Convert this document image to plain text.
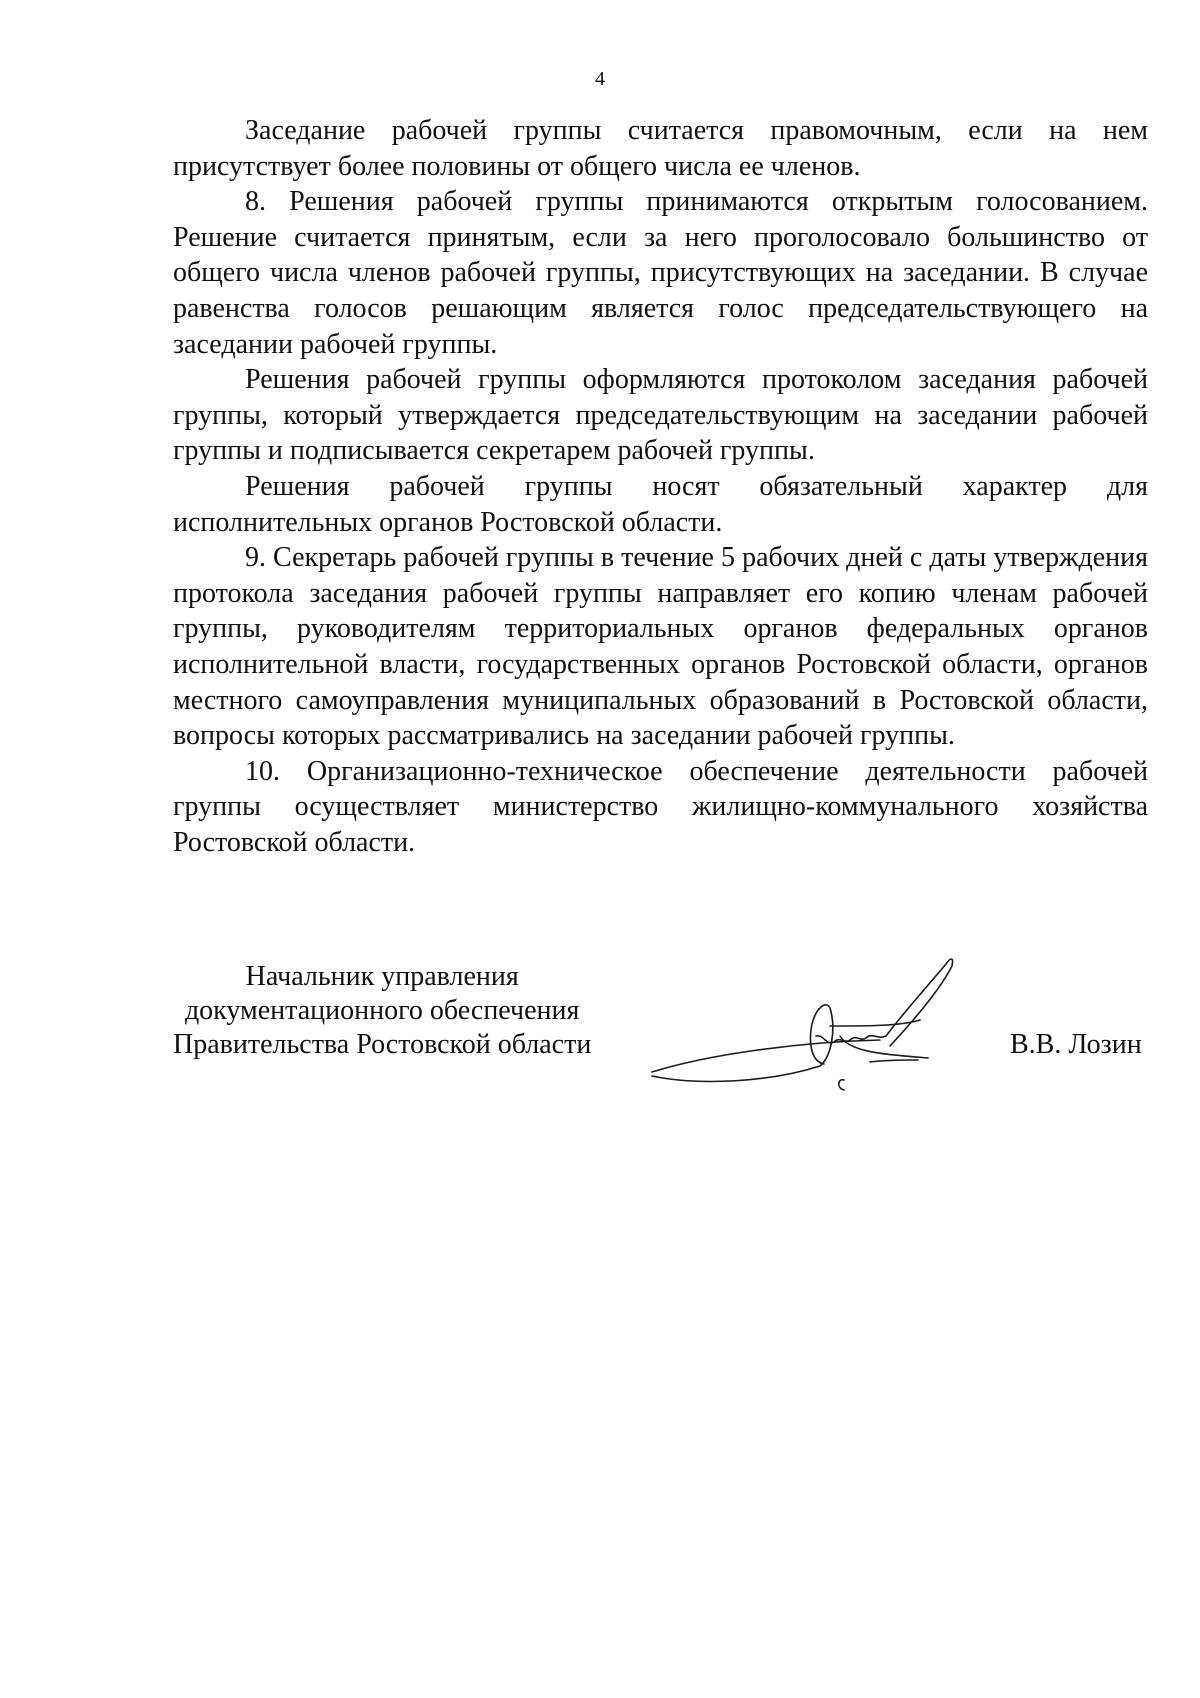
4

Заседание рабочей группы считается правомочным, если на нем присутствует более половины от общего числа ее членов.

8. Решения рабочей группы принимаются открытым голосованием. Решение считается принятым, если за него проголосовало большинство от общего числа членов рабочей группы, присутствующих на заседании. В случае равенства голосов решающим является голос председательствующего на заседании рабочей группы.

Решения рабочей группы оформляются протоколом заседания рабочей группы, который утверждается председательствующим на заседании рабочей группы и подписывается секретарем рабочей группы.

Решения рабочей группы носят обязательный характер для исполнительных органов Ростовской области.

9. Секретарь рабочей группы в течение 5 рабочих дней с даты утверждения протокола заседания рабочей группы направляет его копию членам рабочей группы, руководителям территориальных органов федеральных органов исполнительной власти, государственных органов Ростовской области, органов местного самоуправления муниципальных образований в Ростовской области, вопросы которых рассматривались на заседании рабочей группы.

10. Организационно-техническое обеспечение деятельности рабочей группы осуществляет министерство жилищно-коммунального хозяйства Ростовской области.

Начальник управления
документационного обеспечения
Правительства Ростовской области	В.В. Лозин
